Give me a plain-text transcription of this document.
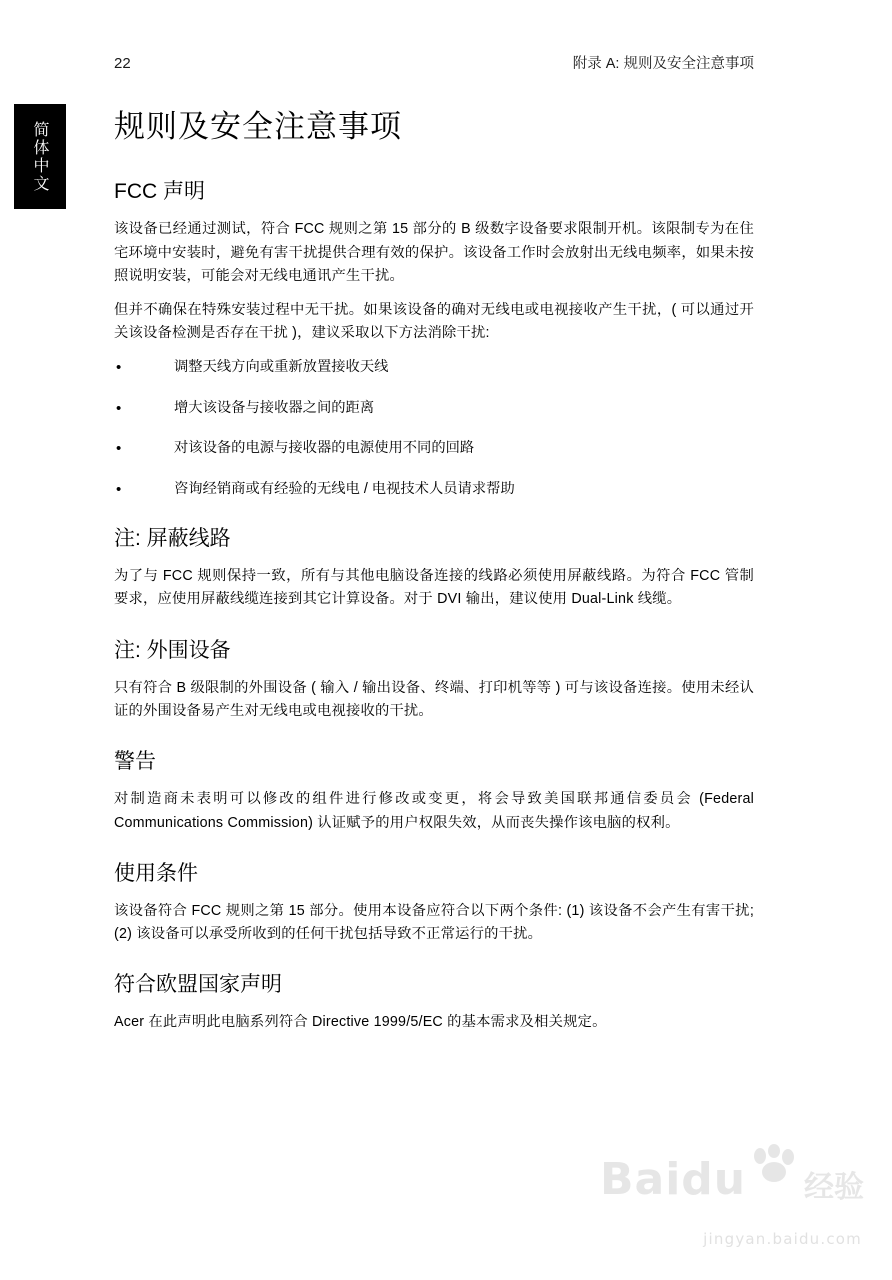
简体中文
22	附录 A: 规则及安全注意事项
规则及安全注意事项
FCC 声明

该设备已经通过测试，符合 FCC 规则之第 15 部分的 B 级数字设备要求限制开机。该限制专为在住宅环境中安装时，避免有害干扰提供合理有效的保护。该设备工作时会放射出无线电频率，如果未按照说明安装，可能会对无线电通讯产生干扰。

但并不确保在特殊安装过程中无干扰。如果该设备的确对无线电或电视接收产生干扰，( 可以通过开关该设备检测是否存在干扰 )，建议采取以下方法消除干扰:

•	调整天线方向或重新放置接收天线
•	增大该设备与接收器之间的距离
•	对该设备的电源与接收器的电源使用不同的回路
•	咨询经销商或有经验的无线电 / 电视技术人员请求帮助
注: 屏蔽线路

为了与 FCC 规则保持一致，所有与其他电脑设备连接的线路必须使用屏蔽线路。为符合 FCC 管制要求，应使用屏蔽线缆连接到其它计算设备。对于 DVI 输出，建议使用 Dual-Link 线缆。

注: 外围设备

只有符合 B 级限制的外围设备 ( 输入 / 输出设备、终端、打印机等等 ) 可与该设备连接。使用未经认证的外围设备易产生对无线电或电视接收的干扰。

警告

对制造商未表明可以修改的组件进行修改或变更，将会导致美国联邦通信委员会 (Federal Communications Commission) 认证赋予的用户权限失效，从而丧失操作该电脑的权利。

使用条件

该设备符合 FCC 规则之第 15 部分。使用本设备应符合以下两个条件: (1) 该设备不会产生有害干扰; (2) 该设备可以承受所收到的任何干扰包括导致不正常运行的干扰。

符合欧盟国家声明

Acer 在此声明此电脑系列符合 Directive 1999/5/EC 的基本需求及相关规定。

Baidu 经验
jingyan.baidu.com
